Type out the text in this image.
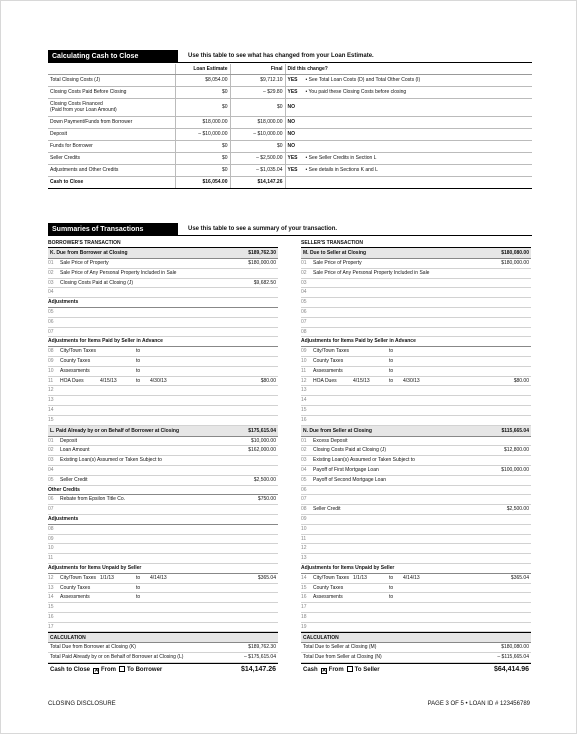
Calculating Cash to Close	Use this table to see what has changed from your Loan Estimate.
	Loan Estimate	Final	Did this change?
Total Closing Costs (J)	$8,054.00	$9,712.10	YES • See Total Loan Costs (D) and Total Other Costs (I)
Closing Costs Paid Before Closing	$0	– $29.80	YES • You paid these Closing Costs before closing
Closing Costs Financed
(Paid from your Loan Amount)	$0	$0	NO
Down Payment/Funds from Borrower	$18,000.00	$18,000.00	NO
Deposit	– $10,000.00	– $10,000.00	NO
Funds for Borrower	$0	$0	NO
Seller Credits	$0	– $2,500.00	YES • See Seller Credits in Section L
Adjustments and Other Credits	$0	– $1,035.04	YES • See details in Sections K and L
Cash to Close	$16,054.00	$14,147.26	
Summaries of Transactions	Use this table to see a summary of your transaction.
BORROWER'S TRANSACTION
K. Due from Borrower at Closing	$189,762.30
01 Sale Price of Property	$180,000.00
02 Sale Price of Any Personal Property Included in Sale
03 Closing Costs Paid at Closing (J)	$9,682.50
04
Adjustments
05
06
07
Adjustments for Items Paid by Seller in Advance
08 City/Town Taxes	to
09 County Taxes	to
10 Assessments	to
11 HOA Dues	4/15/13	to 4/30/13	$80.00
12
13
14
15
L. Paid Already by or on Behalf of Borrower at Closing	$175,615.04
01 Deposit	$10,000.00
02 Loan Amount	$162,000.00
03 Existing Loan(s) Assumed or Taken Subject to
04
05 Seller Credit	$2,500.00
Other Credits
06 Rebate from Epsilon Title Co.	$750.00
07
Adjustments
08
09
10
11
Adjustments for Items Unpaid by Seller
12 City/Town Taxes 1/1/13	to 4/14/13	$365.04
13 County Taxes	to
14 Assessments	to
15
16
17
CALCULATION
Total Due from Borrower at Closing (K)	$189,762.30
Total Paid Already by or on Behalf of Borrower at Closing (L)	– $175,615.04
Cash to Close ✕ From To Borrower	$14,147.26
SELLER'S TRANSACTION
M. Due to Seller at Closing	$180,080.00
01 Sale Price of Property	$180,000.00
02 Sale Price of Any Personal Property Included in Sale
03
04
05
06
07
08
Adjustments for Items Paid by Seller in Advance
09 City/Town Taxes	to
10 County Taxes	to
11 Assessments	to
12 HOA Dues	4/15/13	to 4/30/13	$80.00
13
14
15
16
N. Due from Seller at Closing	$115,665.04
01 Excess Deposit
02 Closing Costs Paid at Closing (J)	$12,800.00
03 Existing Loan(s) Assumed or Taken Subject to
04 Payoff of First Mortgage Loan	$100,000.00
05 Payoff of Second Mortgage Loan
06
07
08 Seller Credit	$2,500.00
09
10
11
12
13
Adjustments for Items Unpaid by Seller
14 City/Town Taxes 1/1/13	to 4/14/13	$365.04
15 County Taxes	to
16 Assessments	to
17
18
19
CALCULATION
Total Due to Seller at Closing (M)	$180,080.00
Total Due from Seller at Closing (N)	– $115,665.04
Cash ✕ From To Seller	$64,414.96
CLOSING DISCLOSURE	PAGE 3 OF 5 • LOAN ID # 123456789
